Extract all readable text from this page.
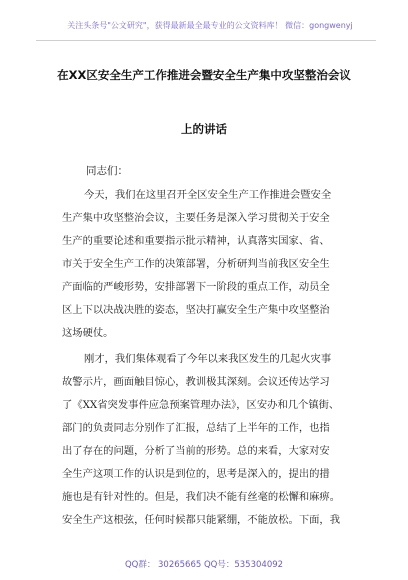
关注头条号"公文研究"，获得最新最全最专业的公文资料库！ 微信：gongwenyj
在XX区安全生产工作推进会暨安全生产集中攻坚整治会议
上的讲话
同志们：
今天，我们在这里召开全区安全生产工作推进会暨安全
生产集中攻坚整治会议，主要任务是深入学习贯彻关于安全
生产的重要论述和重要指示批示精神，认真落实国家、省、
市关于安全生产工作的决策部署，分析研判当前我区安全生
产面临的严峻形势，安排部署下一阶段的重点工作，动员全
区上下以决战决胜的姿态，坚决打赢安全生产集中攻坚整治
这场硬仗。
刚才，我们集体观看了今年以来我区发生的几起火灾事
故警示片，画面触目惊心，教训极其深刻。会议还传达学习
了《XX省突发事件应急预案管理办法》，区安办和几个镇街、
部门的负责同志分别作了汇报，总结了上半年的工作，也指
出了存在的问题，分析了当前的形势。总的来看，大家对安
全生产这项工作的认识是到位的，思考是深入的，提出的措
施也是有针对性的。但是，我们决不能有丝毫的松懈和麻痹。
安全生产这根弦，任何时候都只能紧绷，不能放松。下面，我
QQ群： 30265665 QQ号：535304092
